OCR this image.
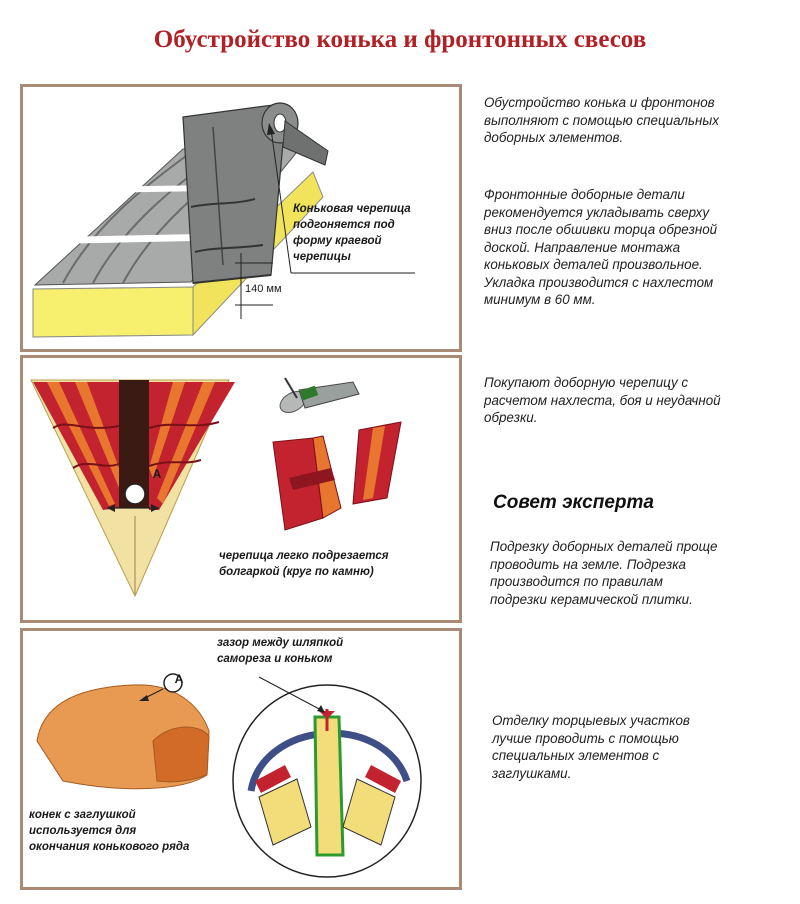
Обустройство конька и фронтонных свесов
Коньковая черепица
подгоняется под
форму краевой
черепицы
140 мм
A
черепица легко подрезается
болгаркой (круг по камню)
A
зазор между шляпкой
самореза и коньком
конек с заглушкой
используется для
окончания конькового ряда
Обустройство конька и фронтонов
выполняют с помощью специальных
доборных элементов.
Фронтонные доборные детали
рекомендуется укладывать сверху
вниз после обшивки торца обрезной
доской. Направление монтажа
коньковых деталей произвольное.
Укладка производится с нахлестом
минимум в 60 мм.
Покупают доборную черепицу с
расчетом нахлеста, боя и неудачной
обрезки.
Совет эксперта
Подрезку доборных деталей проще
проводить на земле. Подрезка
производится по правилам
подрезки керамической плитки.
Отделку торцыевых участков
лучше проводить с помощью
специальных элементов с
заглушками.
